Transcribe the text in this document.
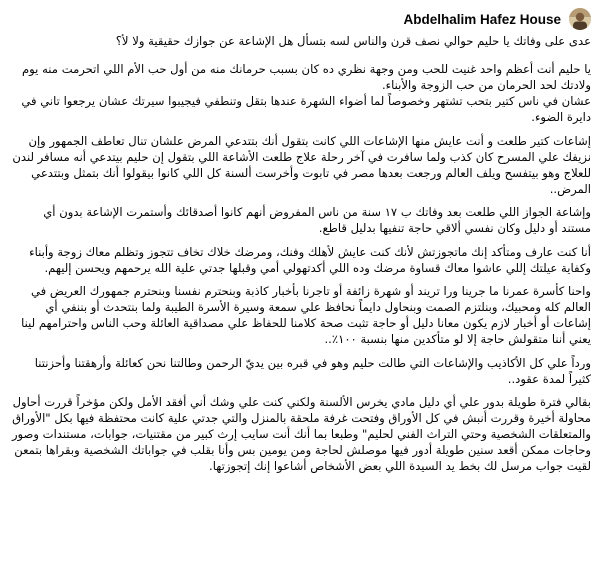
Abdelhalim Hafez House

عدى على وفاتك يا حليم حوالي نصف قرن والناس لسه بتسأل هل الإشاعة عن جوازك حقيقية ولا لأ؟

يا حليم أنت أعظم واحد غنيت للحب ومن وجهة نظري ده كان بسبب حرمانك منه من أول حب الأم اللي اتحرمت منه يوم ولادتك لحد الحرمان من حب الزوجة والأبناء.
عشان في ناس كتير بتحب تشتهر وخصوصاً لما أضواء الشهرة عندها بتقل وتنطفي فيجيبوا سيرتك عشان يرجعوا تاني في دايرة الضوء.

إشاعات كتير طلعت و أنت عايش منها الإشاعات اللي كانت بتقول أنك بتتدعي المرض علشان تنال تعاطف الجمهور وإن نزيفك علي المسرح كان كذب ولما سافرت في آخر رحلة علاج طلعت الأشاعة اللي بتقول إن حليم بيتدعي أنه مسافر لندن للعلاج وهو بيتفسح ويلف العالم ورجعت بعدها مصر في تابوت وأخرست ألسنة كل اللي كانوا بيقولوا أنك بتمثل وبتتدعي المرض..

وإشاعة الجواز اللي طلعت بعد وفاتك ب ١٧ سنة من ناس المفروض أنهم كانوا أصدقائك وأستمرت الإشاعة بدون أي مستند أو دليل وكان نفسي ألاقي حاجة تنفيها بدليل قاطع.

أنا كنت عارف ومتأكد إنك ماتجوزتش لأنك كنت عايش لأهلك وفنك، ومرضك خلاك تخاف تتجوز وتظلم معاك زوجة وأبناء وكفاية عيلتك إللي عاشوا معاك قساوة مرضك وده اللي أكدتهولي أمي وقبلها جدتي علية الله يرحمهم ويحسن إليهم.

واحنا كأسرة عمرنا ما جرينا ورا تريند أو شهرة زائفة أو تاجرنا بأخبار كاذبة وبنحترم نفسنا وبنحترم جمهورك العريض في العالم كله ومحبيك، وبنلتزم الصمت وبنحاول دايماً نحافظ علي سمعة وسيرة الأسرة الطيبة ولما بنتحدث أو بننفي أي إشاعات أو أخبار لازم يكون معانا دليل أو حاجة تثبت صحة كلامنا للحفاظ علي مصداقية العائلة وحب الناس واحترامهم لينا يعني أننا متقولش حاجة إلا لو متأكدين منها بنسبة ١٠٠٪..

ورداً علي كل الأكاذيب والإشاعات التي طالت حليم وهو في قبره بين يديّ الرحمن وطالتنا نحن كعائلة وأرهقتنا وأحزنتنا كثيراً لمدة عقود..

بقالي فترة طويلة بدور علي أي دليل مادي يخرس الألسنة ولكني كنت علي وشك أني أفقد الأمل ولكن مؤخراً قررت أحاول محاولة أخيرة وقررت أنبش في كل الأوراق وفتحت غرفة ملحقة بالمنزل والتي جدتي علية كانت محتفظة فيها بكل "الأوراق والمتعلقات الشخصية وحتي التراث الفني لحليم" وطبعا بما أنك أنت سايب إرث كبير من مقتنيات، جوابات، مستندات وصور وحاجات ممكن أقعد سنين طويلة أدور فيها موصلش لحاجة ومن يومين بس وأنا بقلب في جواباتك الشخصية وبقراها بتمعن لقيت جواب مرسل لك بخط يد السيدة اللي بعض الأشخاص أشاعوا إنك إتجوزتها.
